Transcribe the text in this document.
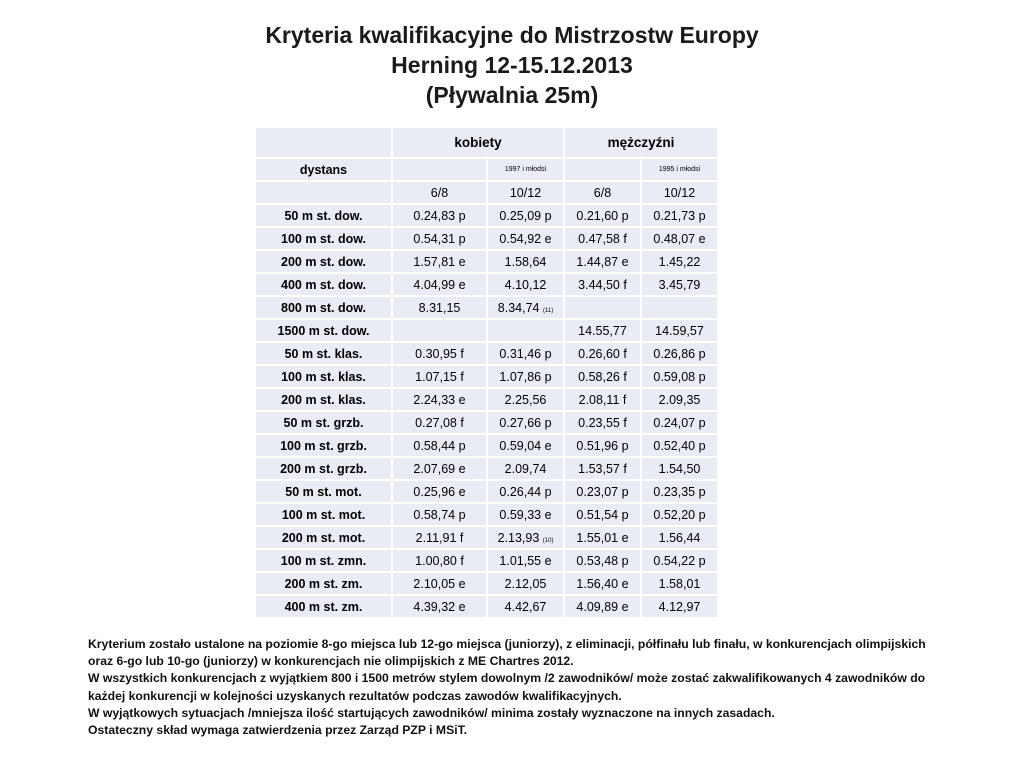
Kryteria kwalifikacyjne do Mistrzostw Europy
Herning 12-15.12.2013
(Pływalnia 25m)
	kobiety		mężczyźni	
dystans		1997 i młodsi		1995 i młodsi
	6/8	10/12	6/8	10/12
50 m st. dow.	0.24,83 p	0.25,09 p	0.21,60 p	0.21,73 p
100 m st. dow.	0.54,31 p	0.54,92 e	0.47,58 f	0.48,07 e
200 m st. dow.	1.57,81 e	1.58,64	1.44,87 e	1.45,22
400 m st. dow.	4.04,99 e	4.10,12	3.44,50 f	3.45,79
800 m st. dow.	8.31,15	8.34,74 (11)		
1500 m st. dow.			14.55,77	14.59,57
50 m st. klas.	0.30,95 f	0.31,46 p	0.26,60 f	0.26,86 p
100 m st. klas.	1.07,15 f	1.07,86 p	0.58,26 f	0.59,08 p
200 m st. klas.	2.24,33 e	2.25,56	2.08,11 f	2.09,35
50 m st. grzb.	0.27,08 f	0.27,66 p	0.23,55 f	0.24,07 p
100 m st. grzb.	0.58,44 p	0.59,04 e	0.51,96 p	0.52,40 p
200 m st. grzb.	2.07,69 e	2.09,74	1.53,57 f	1.54,50
50 m st. mot.	0.25,96 e	0.26,44 p	0.23,07 p	0.23,35 p
100 m st. mot.	0.58,74 p	0.59,33 e	0.51,54 p	0.52,20 p
200 m st. mot.	2.11,91 f	2.13,93 (10)	1.55,01 e	1.56,44
100 m st. zmn.	1.00,80 f	1.01,55 e	0.53,48 p	0.54,22 p
200 m st. zm.	2.10,05 e	2.12,05	1.56,40 e	1.58,01
400 m st. zm.	4.39,32 e	4.42,67	4.09,89 e	4.12,97
Kryterium zostało ustalone na poziomie 8-go miejsca lub 12-go miejsca (juniorzy), z eliminacji, półfinału lub finału, w konkurencjach olimpijskich
oraz 6-go lub 10-go (juniorzy) w konkurencjach nie olimpijskich z ME Chartres 2012.
W wszystkich konkurencjach z wyjątkiem 800 i 1500 metrów stylem dowolnym /2 zawodników/ może zostać zakwalifikowanych 4 zawodników do
każdej konkurencji w kolejności uzyskanych rezultatów podczas zawodów kwalifikacyjnych.
W wyjątkowych sytuacjach /mniejsza ilość startujących zawodników/ minima zostały wyznaczone na innych zasadach.
Ostateczny skład wymaga zatwierdzenia przez Zarząd PZP i MSiT.
